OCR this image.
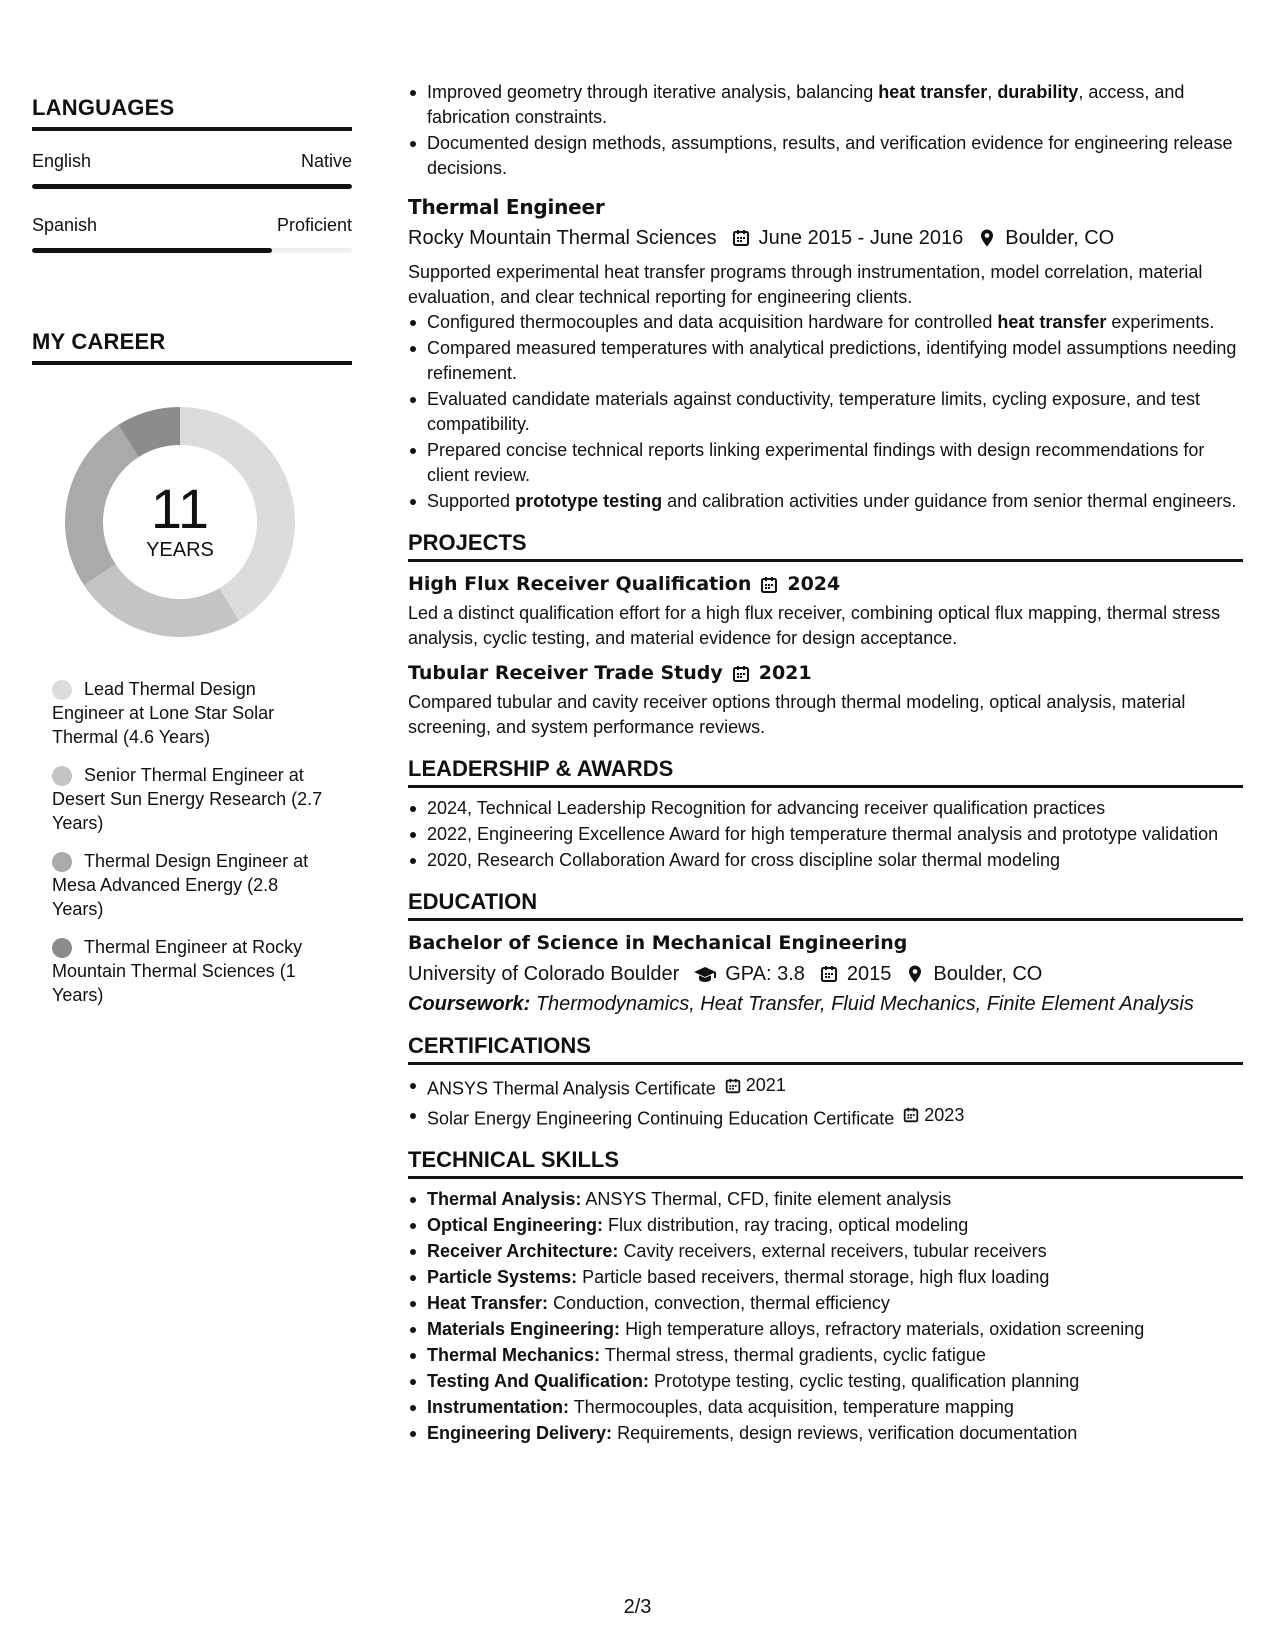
LANGUAGES
English	Native
Spanish	Proficient
MY CAREER
11
YEARS
Lead Thermal Design Engineer at Lone Star Solar Thermal (4.6 Years)
Senior Thermal Engineer at Desert Sun Energy Research (2.7 Years)
Thermal Design Engineer at Mesa Advanced Energy (2.8 Years)
Thermal Engineer at Rocky Mountain Thermal Sciences (1 Years)
Improved geometry through iterative analysis, balancing heat transfer, durability, access, and fabrication constraints.
Documented design methods, assumptions, results, and verification evidence for engineering release decisions.
Thermal Engineer
Rocky Mountain Thermal Sciences June 2015 - June 2016 Boulder, CO
Supported experimental heat transfer programs through instrumentation, model correlation, material evaluation, and clear technical reporting for engineering clients.
Configured thermocouples and data acquisition hardware for controlled heat transfer experiments.
Compared measured temperatures with analytical predictions, identifying model assumptions needing refinement.
Evaluated candidate materials against conductivity, temperature limits, cycling exposure, and test compatibility.
Prepared concise technical reports linking experimental findings with design recommendations for client review.
Supported prototype testing and calibration activities under guidance from senior thermal engineers.
PROJECTS
High Flux Receiver Qualification 2024
Led a distinct qualification effort for a high flux receiver, combining optical flux mapping, thermal stress analysis, cyclic testing, and material evidence for design acceptance.
Tubular Receiver Trade Study 2021
Compared tubular and cavity receiver options through thermal modeling, optical analysis, material screening, and system performance reviews.
LEADERSHIP & AWARDS
2024, Technical Leadership Recognition for advancing receiver qualification practices
2022, Engineering Excellence Award for high temperature thermal analysis and prototype validation
2020, Research Collaboration Award for cross discipline solar thermal modeling
EDUCATION
Bachelor of Science in Mechanical Engineering
University of Colorado Boulder GPA: 3.8 2015 Boulder, CO
Coursework: Thermodynamics, Heat Transfer, Fluid Mechanics, Finite Element Analysis
CERTIFICATIONS
ANSYS Thermal Analysis Certificate 2021
Solar Energy Engineering Continuing Education Certificate 2023
TECHNICAL SKILLS
Thermal Analysis: ANSYS Thermal, CFD, finite element analysis
Optical Engineering: Flux distribution, ray tracing, optical modeling
Receiver Architecture: Cavity receivers, external receivers, tubular receivers
Particle Systems: Particle based receivers, thermal storage, high flux loading
Heat Transfer: Conduction, convection, thermal efficiency
Materials Engineering: High temperature alloys, refractory materials, oxidation screening
Thermal Mechanics: Thermal stress, thermal gradients, cyclic fatigue
Testing And Qualification: Prototype testing, cyclic testing, qualification planning
Instrumentation: Thermocouples, data acquisition, temperature mapping
Engineering Delivery: Requirements, design reviews, verification documentation
2/3
